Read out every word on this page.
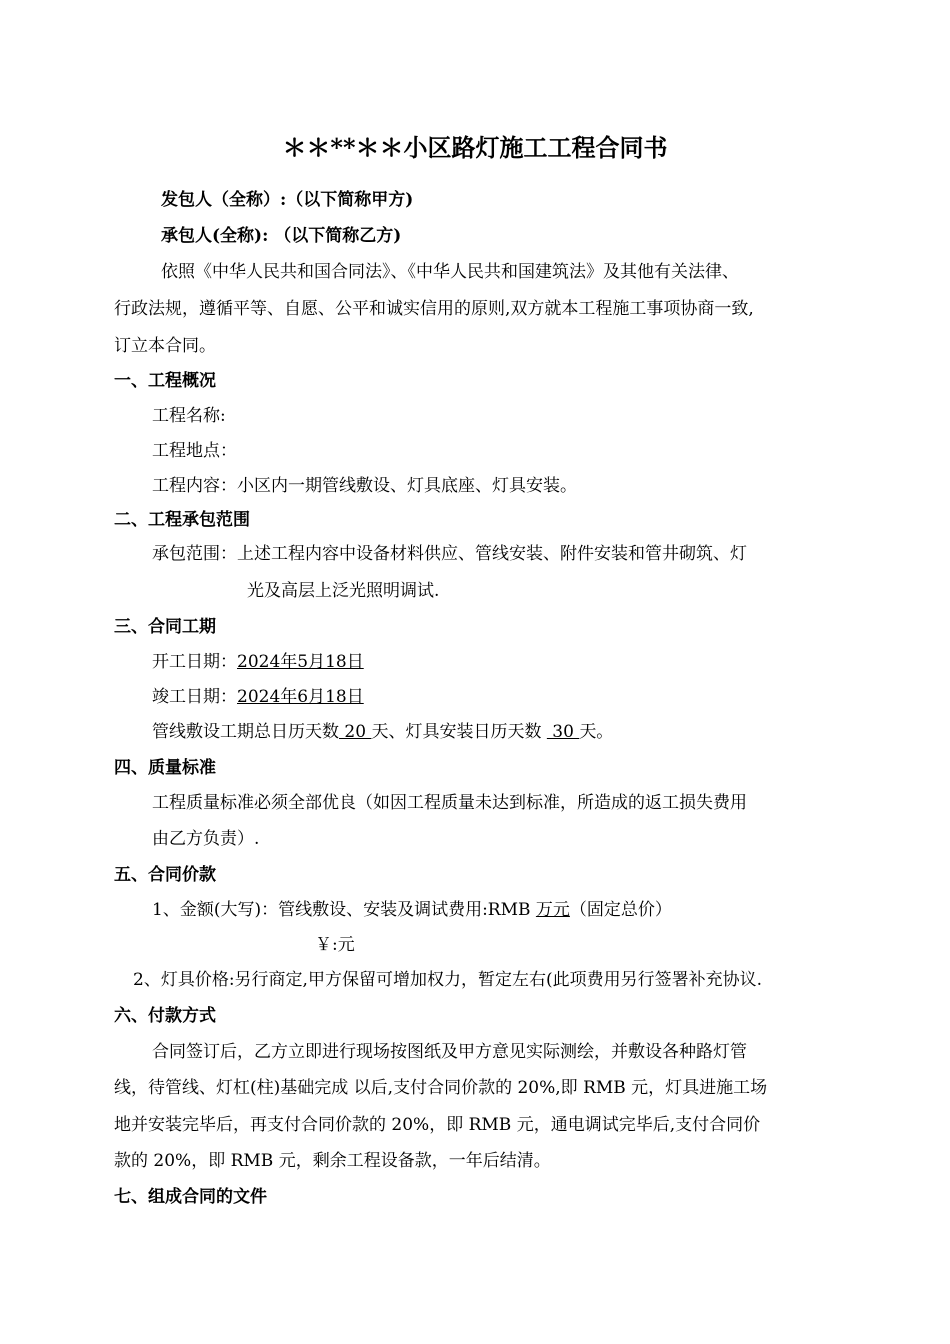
＊＊**＊＊小区路灯施工工程合同书
发包人（全称）:（以下简称甲方)
承包人(全称): （以下简称乙方)
依照《中华人民共和国合同法》、《中华人民共和国建筑法》及其他有关法律、
行政法规，遵循平等、自愿、公平和诚实信用的原则,双方就本工程施工事项协商一致,
订立本合同。
一、工程概况
工程名称:
工程地点：
工程内容：小区内一期管线敷设、灯具底座、灯具安装。
二、工程承包范围
承包范围：上述工程内容中设备材料供应、管线安装、附件安装和管井砌筑、灯
光及高层上泛光照明调试.
三、合同工期
开工日期：2024年5月18日
竣工日期：2024年6月18日
管线敷设工期总日历天数 20 天、灯具安装日历天数  30 天。
四、质量标准
工程质量标准必须全部优良（如因工程质量未达到标准，所造成的返工损失费用
由乙方负责）.
五、合同价款
1、金额(大写)：管线敷设、安装及调试费用:RMB 万元（固定总价）
￥:元
2、灯具价格:另行商定,甲方保留可增加权力，暂定左右(此项费用另行签署补充协议.
六、付款方式
合同签订后，乙方立即进行现场按图纸及甲方意见实际测绘，并敷设各种路灯管
线，待管线、灯杠(柱)基础完成 以后,支付合同价款的 20%,即 RMB 元，灯具进施工场
地并安装完毕后，再支付合同价款的 20%，即 RMB 元，通电调试完毕后,支付合同价
款的 20%，即 RMB 元，剩余工程设备款，一年后结清。
七、组成合同的文件
